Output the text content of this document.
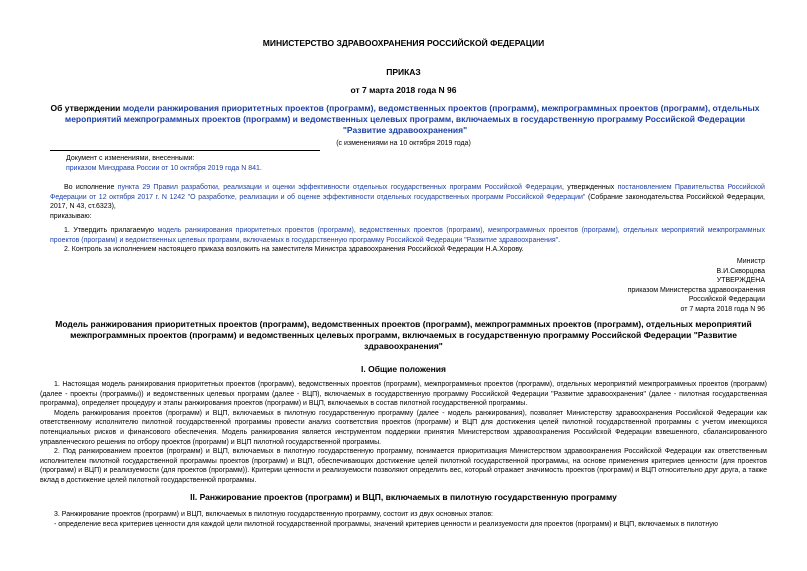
МИНИСТЕРСТВО ЗДРАВООХРАНЕНИЯ РОССИЙСКОЙ ФЕДЕРАЦИИ
ПРИКАЗ
от 7 марта 2018 года N 96
Об утверждении модели ранжирования приоритетных проектов (программ), ведомственных проектов (программ), межпрограммных проектов (программ), отдельных мероприятий межпрограммных проектов (программ) и ведомственных целевых программ, включаемых в государственную программу Российской Федерации "Развитие здравоохранения"
(с изменениями на 10 октября 2019 года)
Документ с изменениями, внесенными:
приказом Минздрава России от 10 октября 2019 года N 841.

Во исполнение пункта 29 Правил разработки, реализации и оценки эффективности отдельных государственных программ Российской Федерации, утвержденных постановлением Правительства Российской Федерации от 12 октября 2017 г. N 1242 "О разработке, реализации и об оценке эффективности отдельных государственных программ Российской Федерации" (Собрание законодательства Российской Федерации, 2017, N 43, ст.6323),

приказываю:

1. Утвердить прилагаемую модель ранжирования приоритетных проектов (программ), ведомственных проектов (программ), межпрограммных проектов (программ), отдельных мероприятий межпрограммных проектов (программ) и ведомственных целевых программ, включаемых в государственную программу Российской Федерации "Развитие здравоохранения".

2. Контроль за исполнением настоящего приказа возложить на заместителя Министра здравоохранения Российской Федерации Н.А.Хорову.

Министр
В.И.Скворцова
УТВЕРЖДЕНА
приказом Министерства здравоохранения
Российской Федерации
от 7 марта 2018 года N 96
Модель ранжирования приоритетных проектов (программ), ведомственных проектов (программ), межпрограммных проектов (программ), отдельных мероприятий межпрограммных проектов (программ) и ведомственных целевых программ, включаемых в государственную программу Российской Федерации "Развитие здравоохранения"
I. Общие положения

1. Настоящая модель ранжирования приоритетных проектов (программ), ведомственных проектов (программ), межпрограммных проектов (программ), отдельных мероприятий межпрограммных проектов (программ) (далее - проекты (программы)) и ведомственных целевых программ (далее - ВЦП), включаемых в государственную программу Российской Федерации "Развитие здравоохранения" (далее - пилотная государственная программа), определяет процедуру и этапы ранжирования проектов (программ) и ВЦП, включаемых в состав пилотной государственной программы.

Модель ранжирования проектов (программ) и ВЦП, включаемых в пилотную государственную программу (далее - модель ранжирования), позволяет Министерству здравоохранения Российской Федерации как ответственному исполнителю пилотной государственной программы провести анализ соответствия проектов (программ) и ВЦП для достижения целей пилотной государственной программы с учетом имеющихся потенциальных рисков и финансового обеспечения. Модель ранжирования является инструментом поддержки принятия Министерством здравоохранения Российской Федерации взвешенного, сбалансированного управленческого решения по отбору проектов (программ) и ВЦП пилотной государственной программы.

2. Под ранжированием проектов (программ) и ВЦП, включаемых в пилотную государственную программу, понимается приоритизация Министерством здравоохранения Российской Федерации как ответственным исполнителем пилотной государственной программы проектов (программ) и ВЦП, обеспечивающих достижение целей пилотной государственной программы, на основе применения критериев ценности (для проектов (программ) и ВЦП) и реализуемости (для проектов (программ)). Критерии ценности и реализуемости позволяют определить вес, который отражает значимость проектов (программ) и ВЦП относительно друг друга, а также вклад в достижение целей пилотной государственной программы.

II. Ранжирование проектов (программ) и ВЦП, включаемых в пилотную государственную программу

3. Ранжирование проектов (программ) и ВЦП, включаемых в пилотную государственную программу, состоит из двух основных этапов:

- определение веса критериев ценности для каждой цели пилотной государственной программы, значений критериев ценности и реализуемости для проектов (программ) и ВЦП, включаемых в пилотную
